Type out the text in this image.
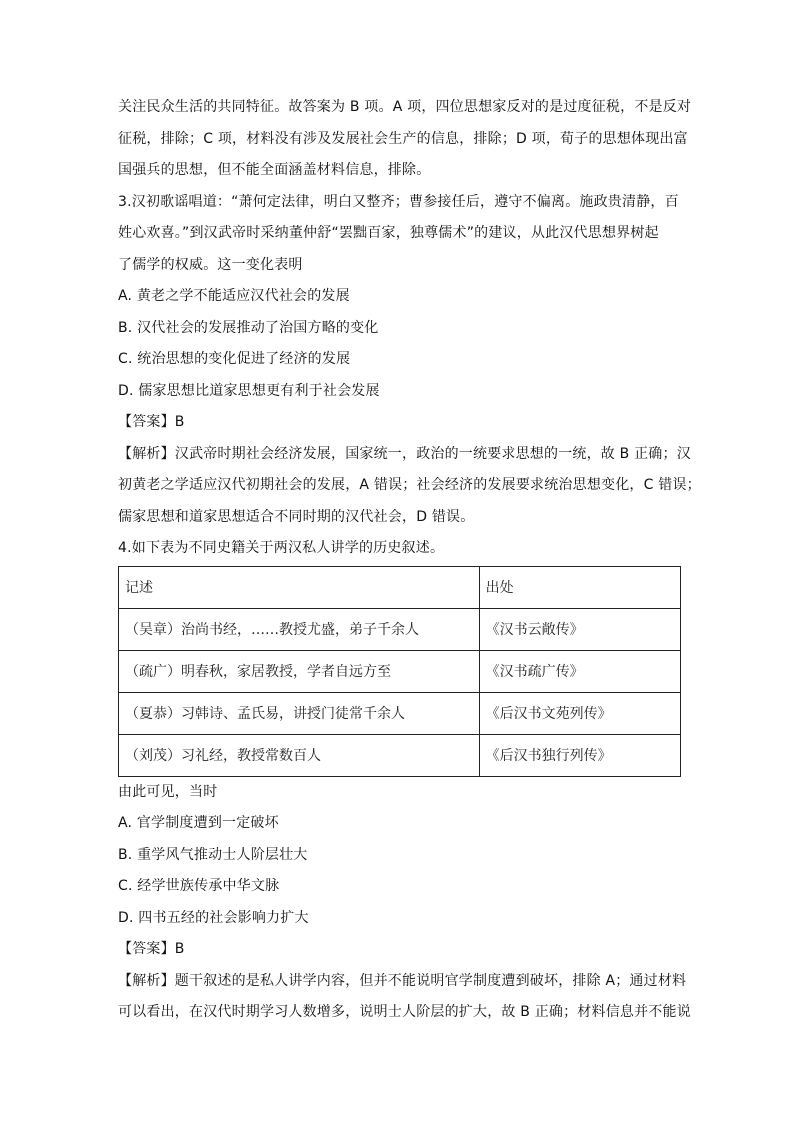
关注民众生活的共同特征。故答案为 B 项。A 项，四位思想家反对的是过度征税，不是反对

征税，排除；C 项，材料没有涉及发展社会生产的信息，排除；D 项，荀子的思想体现出富

国强兵的思想，但不能全面涵盖材料信息，排除。

3.汉初歌谣唱道：“萧何定法律，明白又整齐；曹参接任后，遵守不偏离。施政贵清静，百

姓心欢喜。”到汉武帝时采纳董仲舒“罢黜百家，独尊儒术”的建议，从此汉代思想界树起

了儒学的权威。这一变化表明

A. 黄老之学不能适应汉代社会的发展

B. 汉代社会的发展推动了治国方略的变化

C. 统治思想的变化促进了经济的发展

D. 儒家思想比道家思想更有利于社会发展

【答案】B

【解析】汉武帝时期社会经济发展，国家统一，政治的一统要求思想的一统，故 B 正确；汉

初黄老之学适应汉代初期社会的发展，A 错误；社会经济的发展要求统治思想变化，C 错误；

儒家思想和道家思想适合不同时期的汉代社会，D 错误。

4.如下表为不同史籍关于两汉私人讲学的历史叙述。

记述	出处
（吴章）治尚书经，……教授尤盛，弟子千余人	《汉书云敞传》
（疏广）明春秋，家居教授，学者自远方至	《汉书疏广传》
（夏恭）习韩诗、孟氏易，讲授门徒常千余人	《后汉书文苑列传》
（刘茂）习礼经，教授常数百人	《后汉书独行列传》

由此可见，当时

A. 官学制度遭到一定破坏

B. 重学风气推动士人阶层壮大

C. 经学世族传承中华文脉

D. 四书五经的社会影响力扩大

【答案】B

【解析】题干叙述的是私人讲学内容，但并不能说明官学制度遭到破坏，排除 A；通过材料

可以看出，在汉代时期学习人数增多，说明士人阶层的扩大，故 B 正确；材料信息并不能说
